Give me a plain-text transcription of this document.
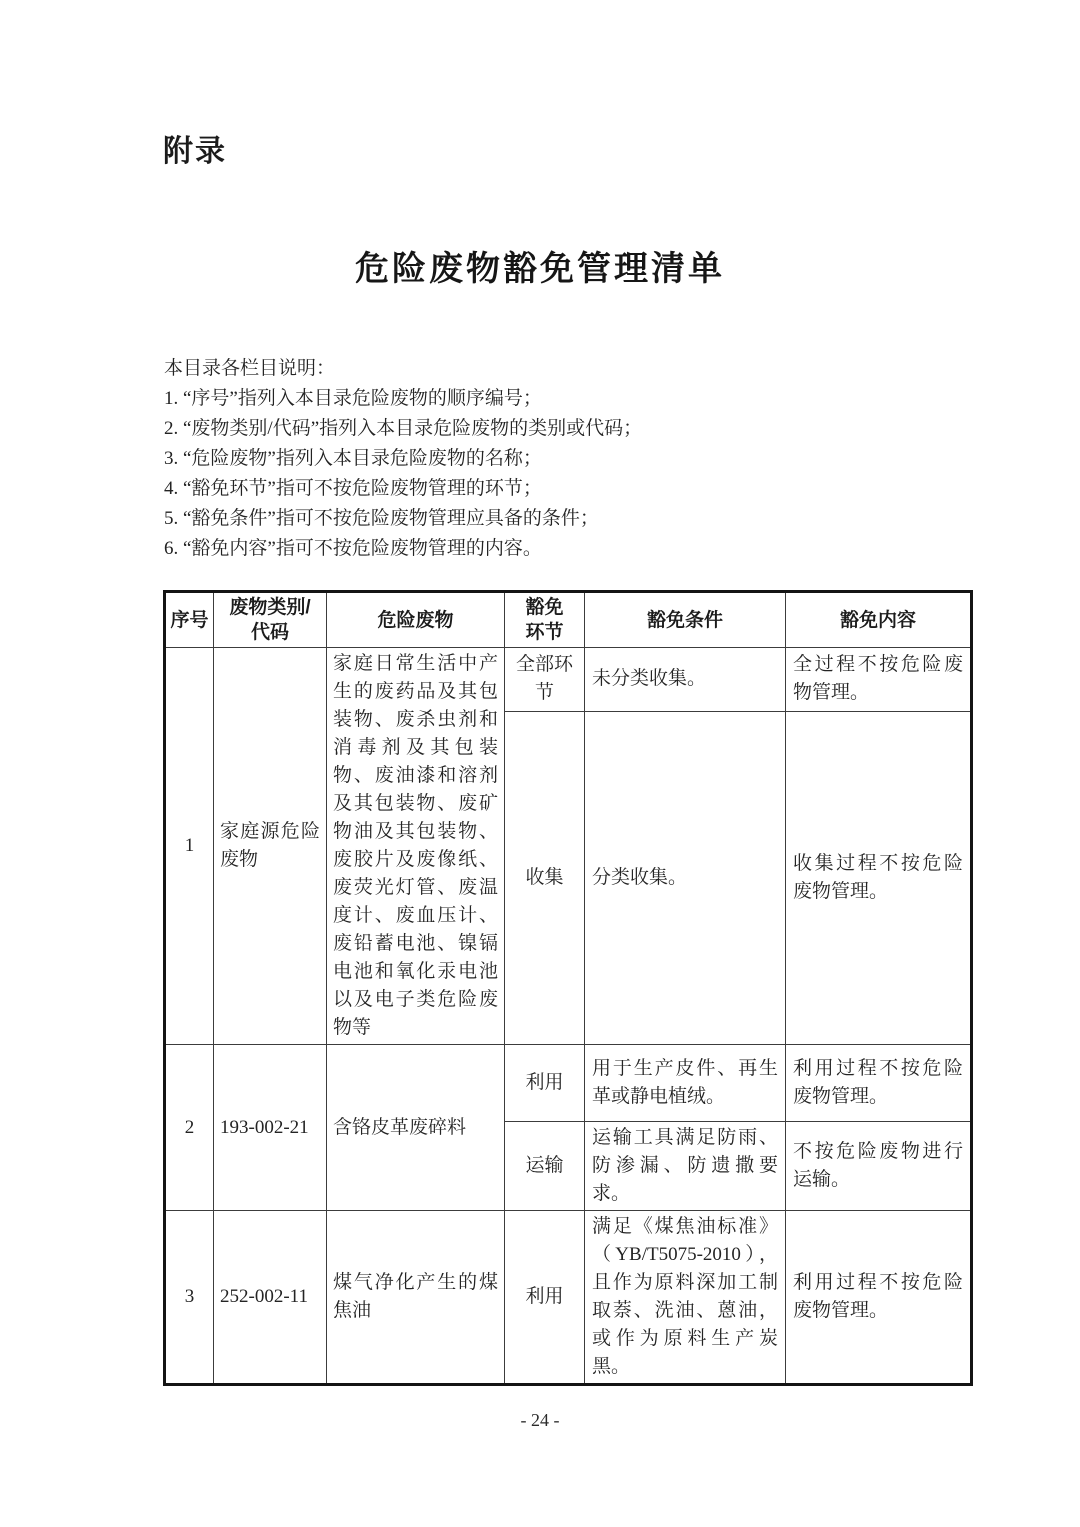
附录
危险废物豁免管理清单
本目录各栏目说明：
1. “序号”指列入本目录危险废物的顺序编号；
2. “废物类别/代码”指列入本目录危险废物的类别或代码；
3. “危险废物”指列入本目录危险废物的名称；
4. “豁免环节”指可不按危险废物管理的环节；
5. “豁免条件”指可不按危险废物管理应具备的条件；
6. “豁免内容”指可不按危险废物管理的内容。
序号	废物类别/代码	危险废物	豁免环节	豁免条件	豁免内容
1	家庭源危险废物	家庭日常生活中产生的废药品及其包装物、废杀虫剂和消毒剂及其包装物、废油漆和溶剂及其包装物、废矿物油及其包装物、废胶片及废像纸、废荧光灯管、废温度计、废血压计、废铅蓄电池、镍镉电池和氧化汞电池以及电子类危险废物等	全部环节	未分类收集。	全过程不按危险废物管理。
			收集	分类收集。	收集过程不按危险废物管理。
2	193-002-21	含铬皮革废碎料	利用	用于生产皮件、再生革或静电植绒。	利用过程不按危险废物管理。
			运输	运输工具满足防雨、防渗漏、防遗撒要求。	不按危险废物进行运输。
3	252-002-11	煤气净化产生的煤焦油	利用	满足《煤焦油标准》（YB/T5075-2010），且作为原料深加工制取萘、洗油、蒽油，或作为原料生产炭黑。	利用过程不按危险废物管理。
- 24 -
